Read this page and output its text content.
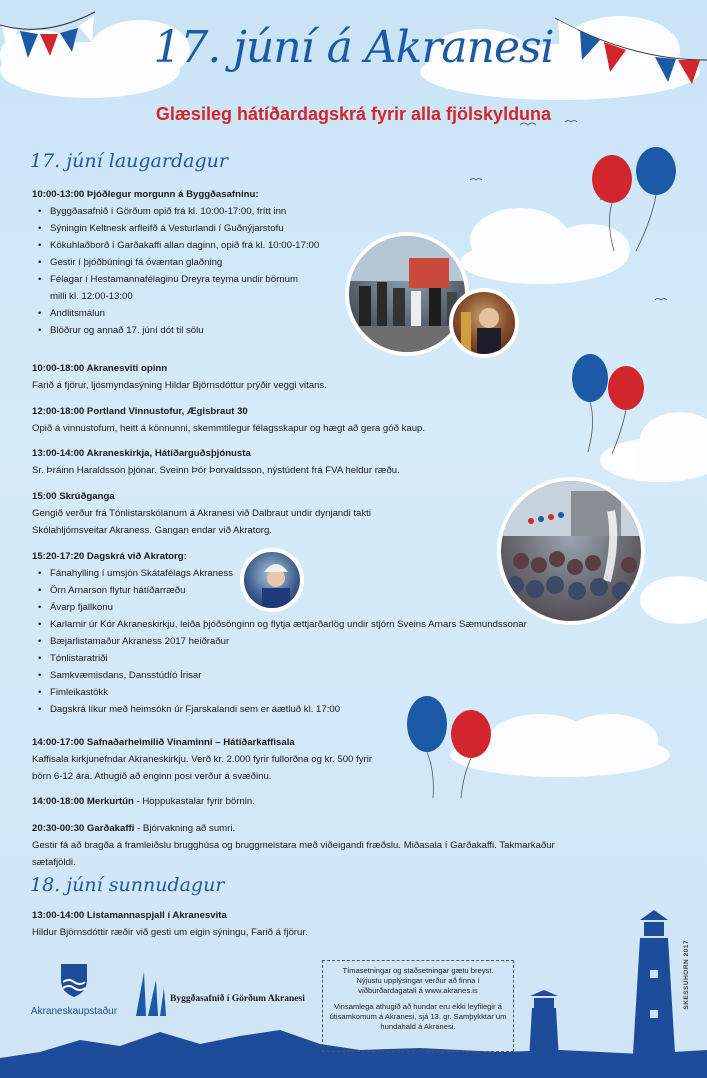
17. júní á Akranesi
Glæsileg hátíðardagskrá fyrir alla fjölskylduna
17. júní laugardagur
10:00-13:00 Þjóðlegur morgunn á Byggðasafninu:
• Byggðasafnið í Görðum opið frá kl. 10:00-17:00, frítt inn
• Sýningin Keltnesk arfleifð á Vesturlandi í Guðnýjarstofu
• Kökuhlaðborð í Garðakaffi allan daginn, opið frá kl. 10:00-17:00
• Gestir í þjóðbúningi fá óvæntan glaðning
• Félagar í Hestamannafélaginu Dreyra teyma undir börnum
milli kl. 12:00-13:00
• Andlitsmálun
• Blöðrur og annað 17. júní dót til sölu
10:00-18:00 Akranesviti opinn
Farið á fjörur, ljósmyndasýning Hildar Björnsdóttur prýðir veggi vitans.
12:00-18:00 Portland Vinnustofur, Ægisbraut 30
Opið á vinnustofum, heitt á könnunni, skemmtilegur félagsskapur og hægt að gera góð kaup.
13:00-14:00 Akraneskirkja, Hátíðarguðsþjónusta
Sr. Þráinn Haraldsson þjónar. Sveinn Þór Þorvaldsson, nýstúdent frá FVA heldur ræðu.
15:00 Skrúðganga
Gengið verður frá Tónlistarskólanum á Akranesi við Dalbraut undir dynjandi takti
Skólahljómsveitar Akraness. Gangan endar við Akratorg.
15:20-17:20 Dagskrá við Akratorg:
• Fánahylling í umsjón Skátafélags Akraness
• Örn Arnarson flytur hátíðarræðu
• Ávarp fjallkonu
• Karlarnir úr Kór Akraneskirkju, leiða þjóðsönginn og flytja ættjarðarlög undir stjórn Sveins Arnars Sæmundssonar
• Bæjarlistamaður Akraness 2017 heiðraður
• Tónlistaratriði
• Samkvæmisdans, Dansstúdíó Írisar
• Fimleikastökk
• Dagskrá líkur með heimsókn úr Fjarskalandi sem er áætluð kl. 17:00
14:00-17:00 Safnaðarheimilið Vinaminni – Hátíðarkaffisala
Kaffisala kirkjunefndar Akraneskirkju. Verð kr. 2.000 fyrir fullorðna og kr. 500 fyrir
börn 6-12 ára. Athugið að enginn posi verður á svæðinu.
14:00-18:00 Merkurtún - Hoppukastalar fyrir börnin.
20:30-00:30 Garðakaffi - Bjórvakning að sumri.
Gestir fá að bragða á framleiðslu brugghúsa og bruggmeistara með viðeigandi fræðslu. Miðasala í Garðakaffi. Takmarkaður sætafjöldi.
18. júní sunnudagur
13:00-14:00 Listamannaspjall í Akranesvita
Hildur Björnsdóttir ræðir við gesti um eigin sýningu, Farið á fjörur.
Akraneskaupstaður
Byggðasafnið í Görðum Akranesi

Tímasetningar og staðsetningar gætu breyst. Nýjustu upplýsingar verður að finna í viðburðardagatali á www.akranes.is

Vinsamlega athugið að hundar eru ekki leyfilegir á útisamkomum á Akranesi, sjá 13. gr. Samþykktar um hundahald á Akranesi.

SKESSUHORN 2017
